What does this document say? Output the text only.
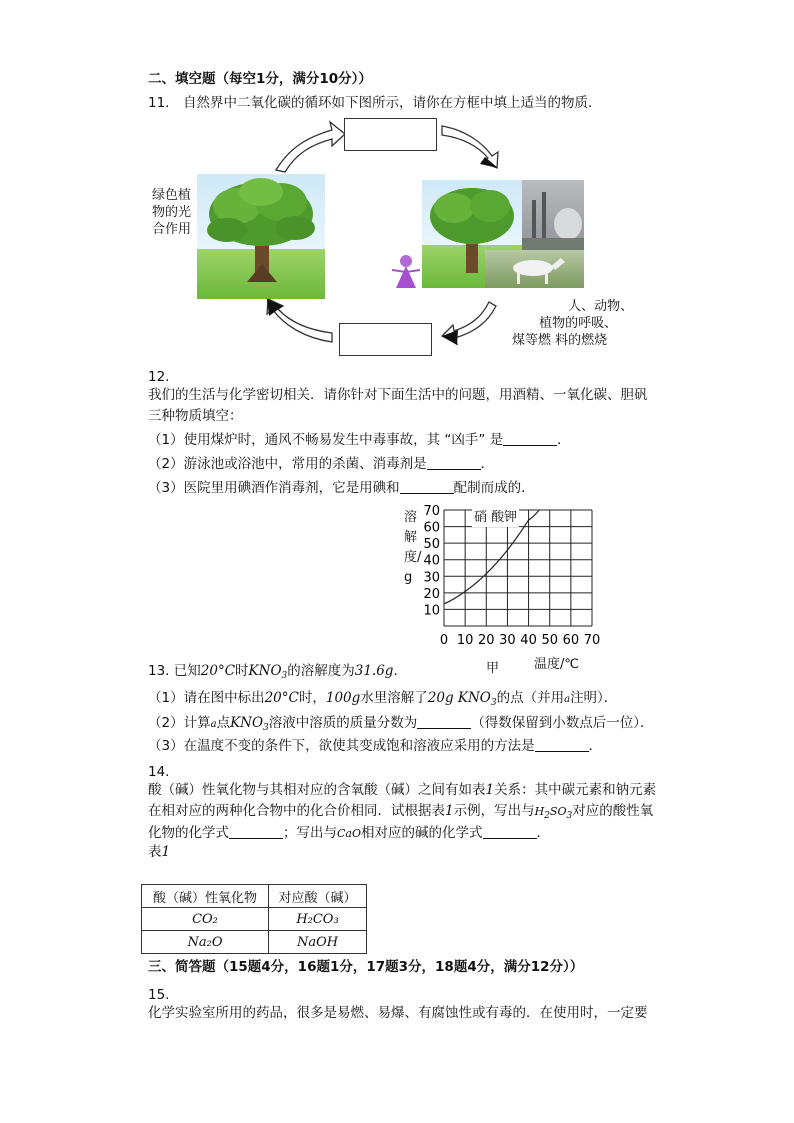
二、填空题（每空1分，满分10分））
11. 自然界中二氧化碳的循环如下图所示，请你在方框中填上适当的物质．
绿色植
物的光
合作用
人、动物、
植物的呼吸、
煤等燃 料的燃烧
12.
我们的生活与化学密切相关．请你针对下面生活中的问题，用酒精、一氧化碳、胆矾
三种物质填空：
（1）使用煤炉时，通风不畅易发生中毒事故，其 “凶手” 是	．
（2）游泳池或浴池中，常用的杀菌、消毒剂是	．
（3）医院里用碘酒作消毒剂，它是用碘和	配制而成的．
溶解度/g
0 10 20 30 40 50 60 70
10
20
30
40
50
60
70	硝 酸钾
甲	温度/℃
13. 已知20°C时$KNO_3$的溶解度为31.6g．
（1）请在图中标出20°C时，100g水里溶解了20g $KNO_3$的点（并用a注明）．
（2）计算a点$KNO_3$溶液中溶质的质量分数为	（得数保留到小数点后一位）．
（3）在温度不变的条件下，欲使其变成饱和溶液应采用的方法是	．
14.
酸（碱）性氧化物与其相对应的含氧酸（碱）之间有如表1关系：其中碳元素和钠元素
在相对应的两种化合物中的化合价相同．试根据表1示例，写出与$H_2SO_3$对应的酸性氧
化物的化学式	；写出与CaO相对应的碱的化学式	．
表1
酸（碱）性氧化物	对应酸（碱）
CO₂	H₂CO₃
Na₂O	NaOH
三、简答题（15题4分，16题1分，17题3分，18题4分，满分12分））
15.
化学实验室所用的药品，很多是易燃、易爆、有腐蚀性或有毒的．在使用时，一定要
